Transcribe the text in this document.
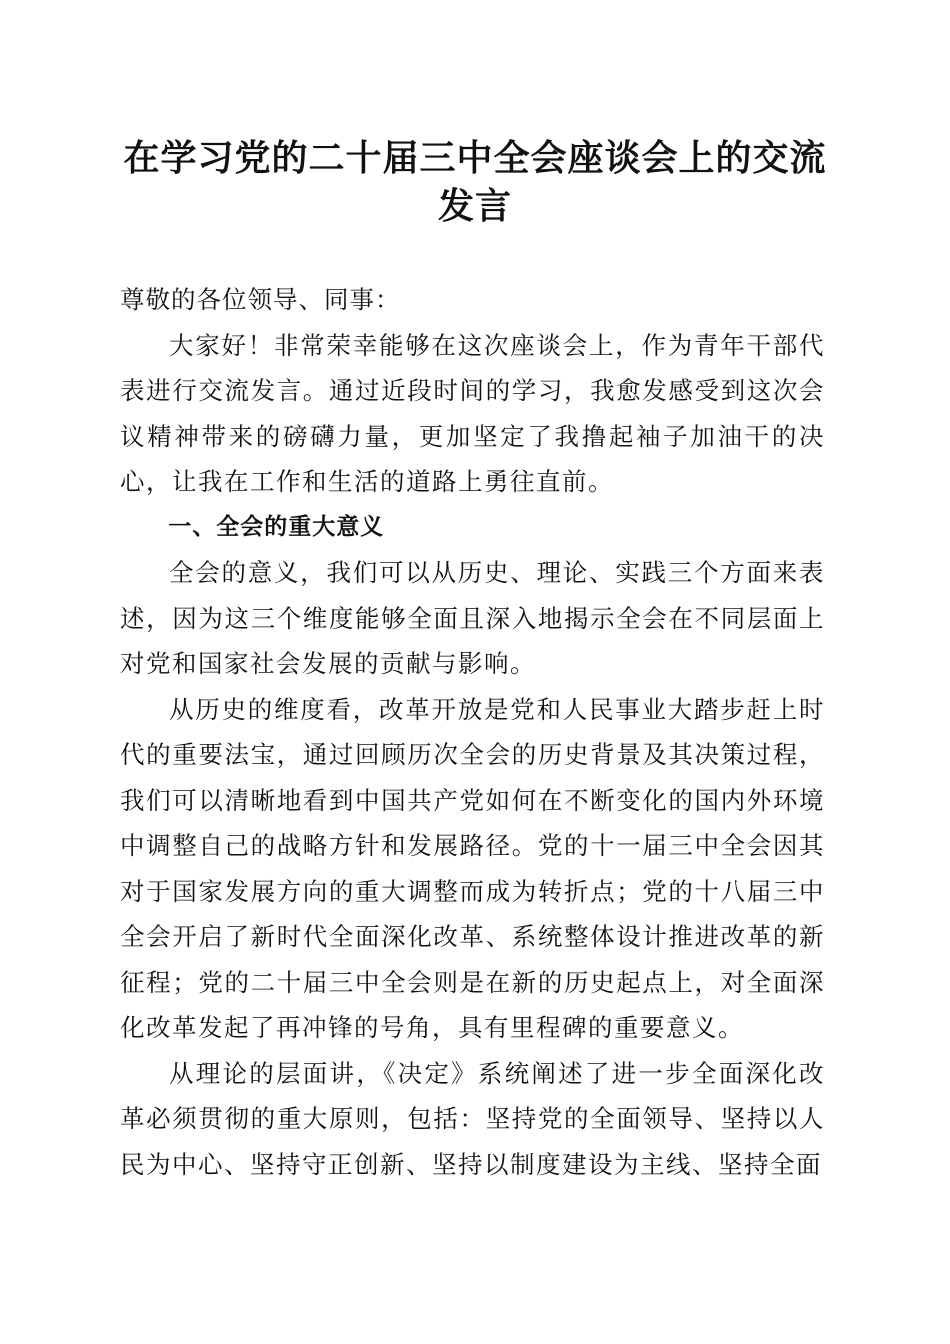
在学习党的二十届三中全会座谈会上的交流发言

尊敬的各位领导、同事：

大家好！非常荣幸能够在这次座谈会上，作为青年干部代表进行交流发言。通过近段时间的学习，我愈发感受到这次会议精神带来的磅礴力量，更加坚定了我撸起袖子加油干的决心，让我在工作和生活的道路上勇往直前。

一、全会的重大意义

全会的意义，我们可以从历史、理论、实践三个方面来表述，因为这三个维度能够全面且深入地揭示全会在不同层面上对党和国家社会发展的贡献与影响。

从历史的维度看，改革开放是党和人民事业大踏步赶上时代的重要法宝，通过回顾历次全会的历史背景及其决策过程，我们可以清晰地看到中国共产党如何在不断变化的国内外环境中调整自己的战略方针和发展路径。党的十一届三中全会因其对于国家发展方向的重大调整而成为转折点；党的十八届三中全会开启了新时代全面深化改革、系统整体设计推进改革的新征程；党的二十届三中全会则是在新的历史起点上，对全面深化改革发起了再冲锋的号角，具有里程碑的重要意义。

从理论的层面讲，《决定》系统阐述了进一步全面深化改革必须贯彻的重大原则，包括：坚持党的全面领导、坚持以人民为中心、坚持守正创新、坚持以制度建设为主线、坚持全面
